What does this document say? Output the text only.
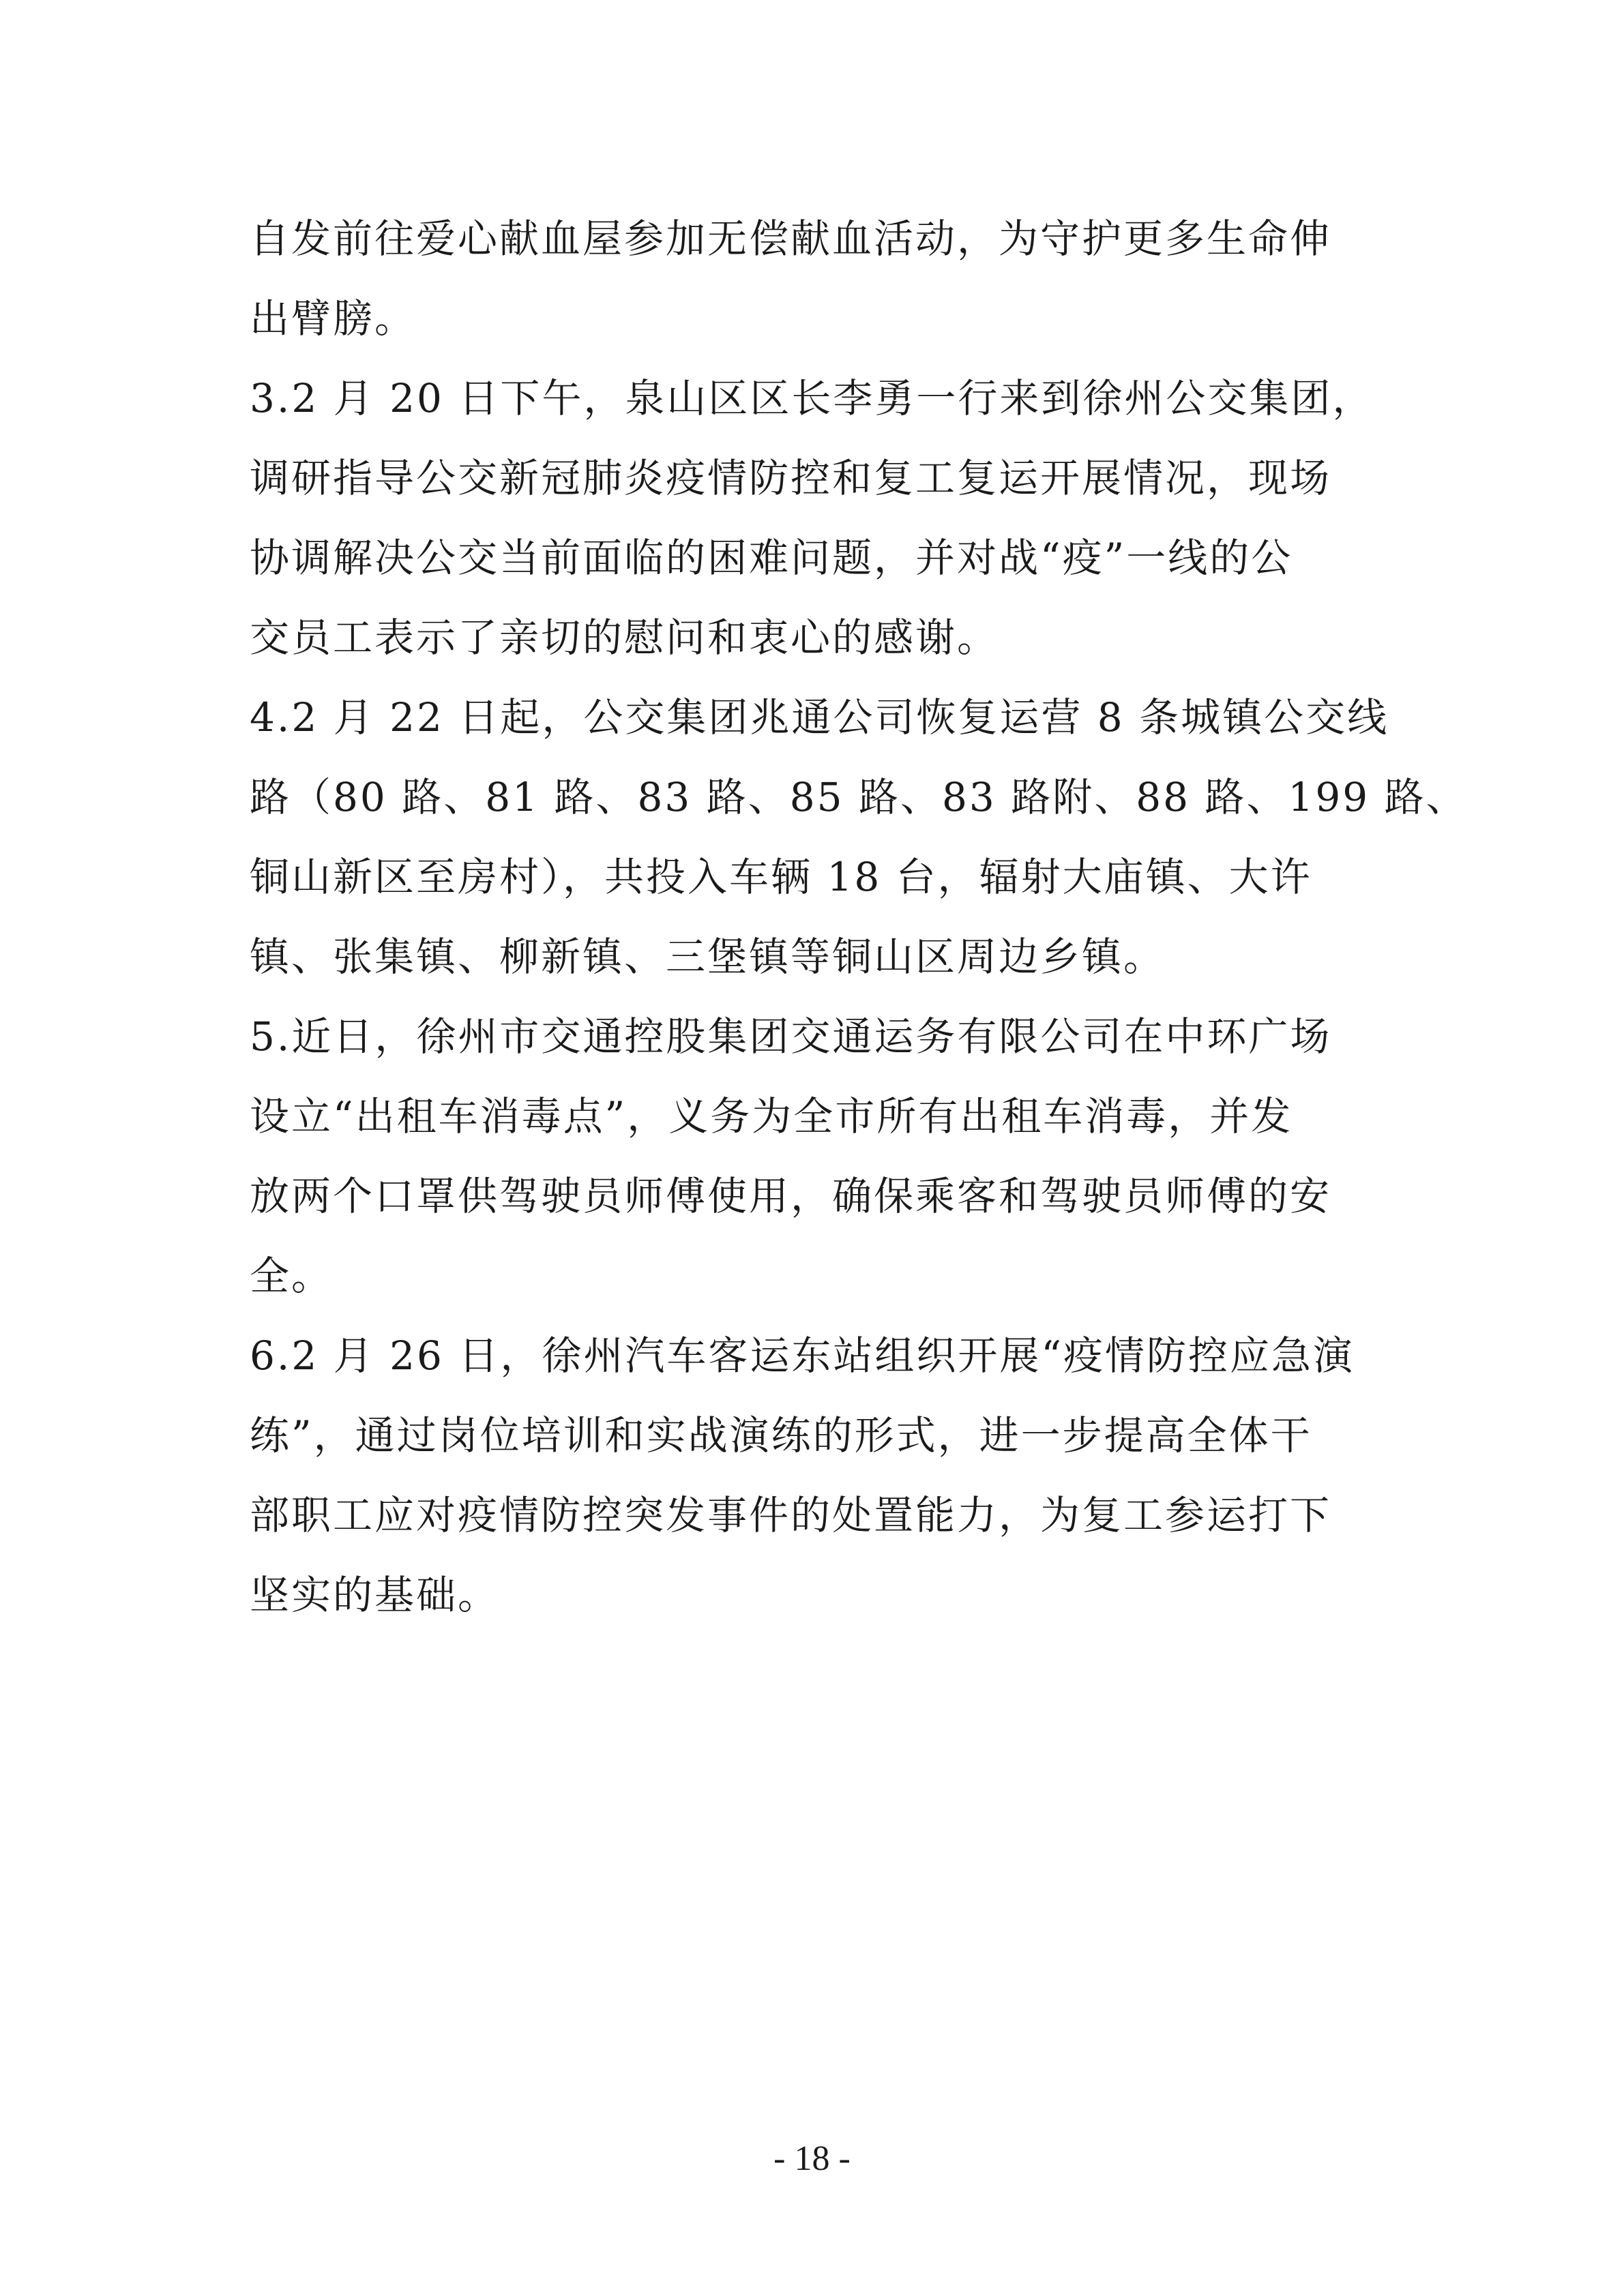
自发前往爱心献血屋参加无偿献血活动，为守护更多生命伸
出臂膀。
3.2 月 20 日下午，泉山区区长李勇一行来到徐州公交集团，
调研指导公交新冠肺炎疫情防控和复工复运开展情况，现场
协调解决公交当前面临的困难问题，并对战“疫”一线的公
交员工表示了亲切的慰问和衷心的感谢。
4.2 月 22 日起，公交集团兆通公司恢复运营 8 条城镇公交线
路（80 路、81 路、83 路、85 路、83 路附、88 路、199 路、
铜山新区至房村），共投入车辆 18 台，辐射大庙镇、大许
镇、张集镇、柳新镇、三堡镇等铜山区周边乡镇。
5.近日，徐州市交通控股集团交通运务有限公司在中环广场
设立“出租车消毒点”，义务为全市所有出租车消毒，并发
放两个口罩供驾驶员师傅使用，确保乘客和驾驶员师傅的安
全。
6.2 月 26 日，徐州汽车客运东站组织开展“疫情防控应急演
练”，通过岗位培训和实战演练的形式，进一步提高全体干
部职工应对疫情防控突发事件的处置能力，为复工参运打下
坚实的基础。
- 18 -
